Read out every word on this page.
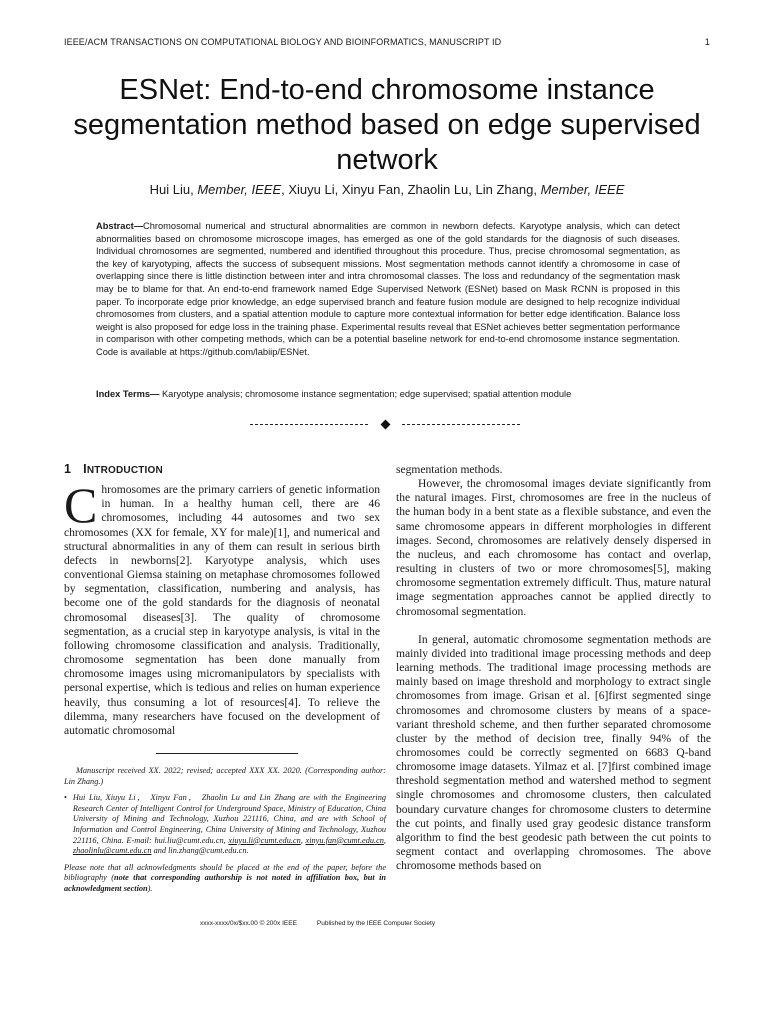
IEEE/ACM TRANSACTIONS ON COMPUTATIONAL BIOLOGY AND BIOINFORMATICS, MANUSCRIPT ID	1
ESNet: End-to-end chromosome instance segmentation method based on edge supervised network
Hui Liu, Member, IEEE, Xiuyu Li, Xinyu Fan, Zhaolin Lu, Lin Zhang, Member, IEEE
Abstract—Chromosomal numerical and structural abnormalities are common in newborn defects. Karyotype analysis, which can detect abnormalities based on chromosome microscope images, has emerged as one of the gold standards for the diagnosis of such diseases. Individual chromosomes are segmented, numbered and identified throughout this procedure. Thus, precise chromosomal segmentation, as the key of karyotyping, affects the success of subsequent missions. Most segmentation methods cannot identify a chromosome in case of overlapping since there is little distinction between inter and intra chromosomal classes. The loss and redundancy of the segmentation mask may be to blame for that. An end-to-end framework named Edge Supervised Network (ESNet) based on Mask RCNN is proposed in this paper. To incorporate edge prior knowledge, an edge supervised branch and feature fusion module are designed to help recognize individual chromosomes from clusters, and a spatial attention module to capture more contextual information for better edge identification. Balance loss weight is also proposed for edge loss in the training phase. Experimental results reveal that ESNet achieves better segmentation performance in comparison with other competing methods, which can be a potential baseline network for end-to-end chromosome instance segmentation. Code is available at https://github.com/labiip/ESNet.
Index Terms— Karyotype analysis; chromosome instance segmentation; edge supervised; spatial attention module
1 INTRODUCTION

Chromosomes are the primary carriers of genetic information in human. In a healthy human cell, there are 46 chromosomes, including 44 autosomes and two sex chromosomes (XX for female, XY for male)[1], and numerical and structural abnormalities in any of them can result in serious birth defects in newborns[2]. Karyotype analysis, which uses conventional Giemsa staining on metaphase chromosomes followed by segmentation, classification, numbering and analysis, has become one of the gold standards for the diagnosis of neonatal chromosomal diseases[3]. The quality of chromosome segmentation, as a crucial step in karyotype analysis, is vital in the following chromosome classification and analysis. Traditionally, chromosome segmentation has been done manually from chromosome images using micromanipulators by specialists with personal expertise, which is tedious and relies on human experience heavily, thus consuming a lot of resources[4]. To relieve the dilemma, many researchers have focused on the development of automatic chromosomal

segmentation methods.

However, the chromosomal images deviate significantly from the natural images. First, chromosomes are free in the nucleus of the human body in a bent state as a flexible substance, and even the same chromosome appears in different morphologies in different images. Second, chromosomes are relatively densely dispersed in the nucleus, and each chromosome has contact and overlap, resulting in clusters of two or more chromosomes[5], making chromosome segmentation extremely difficult. Thus, mature natural image segmentation approaches cannot be applied directly to chromosomal segmentation.

In general, automatic chromosome segmentation methods are mainly divided into traditional image processing methods and deep learning methods. The traditional image processing methods are mainly based on image threshold and morphology to extract single chromosomes from image. Grisan et al. [6]first segmented singe chromosomes and chromosome clusters by means of a space-variant threshold scheme, and then further separated chromosome cluster by the method of decision tree, finally 94% of the chromosomes could be correctly segmented on 6683 Q-band chromosome image datasets. Yilmaz et al. [7]first combined image threshold segmentation method and watershed method to segment single chromosomes and chromosome clusters, then calculated boundary curvature changes for chromosome clusters to determine the cut points, and finally used gray geodesic distance transform algorithm to find the best geodesic path between the cut points to segment contact and overlapping chromosomes. The above chromosome methods based on

Manuscript received XX. 2022; revised; accepted XXX XX. 2020. (Corresponding author: Lin Zhang.)

• Hui Liu, Xiuyu Li， Xinyu Fan， Zhaolin Lu and Lin Zhang are with the Engineering Research Center of Intelligent Control for Underground Space, Ministry of Education, China University of Mining and Technology, Xuzhou 221116, China, and are with School of Information and Control Engineering, China University of Mining and Technology, Xuzhou 221116, China. E-mail: hui.liu@cumt.edu.cn, xiuyu.li@cumt.edu.cn, xinyu.fan@cumt.edu.cn, zhaolinlu@cumt.edu.cn and lin.zhang@cumt.edu.cn.

Please note that all acknowledgments should be placed at the end of the paper, before the bibliography (note that corresponding authorship is not noted in affiliation box, but in acknowledgment section).

xxxx-xxxx/0x/$xx.00 © 200x IEEE	Published by the IEEE Computer Society
